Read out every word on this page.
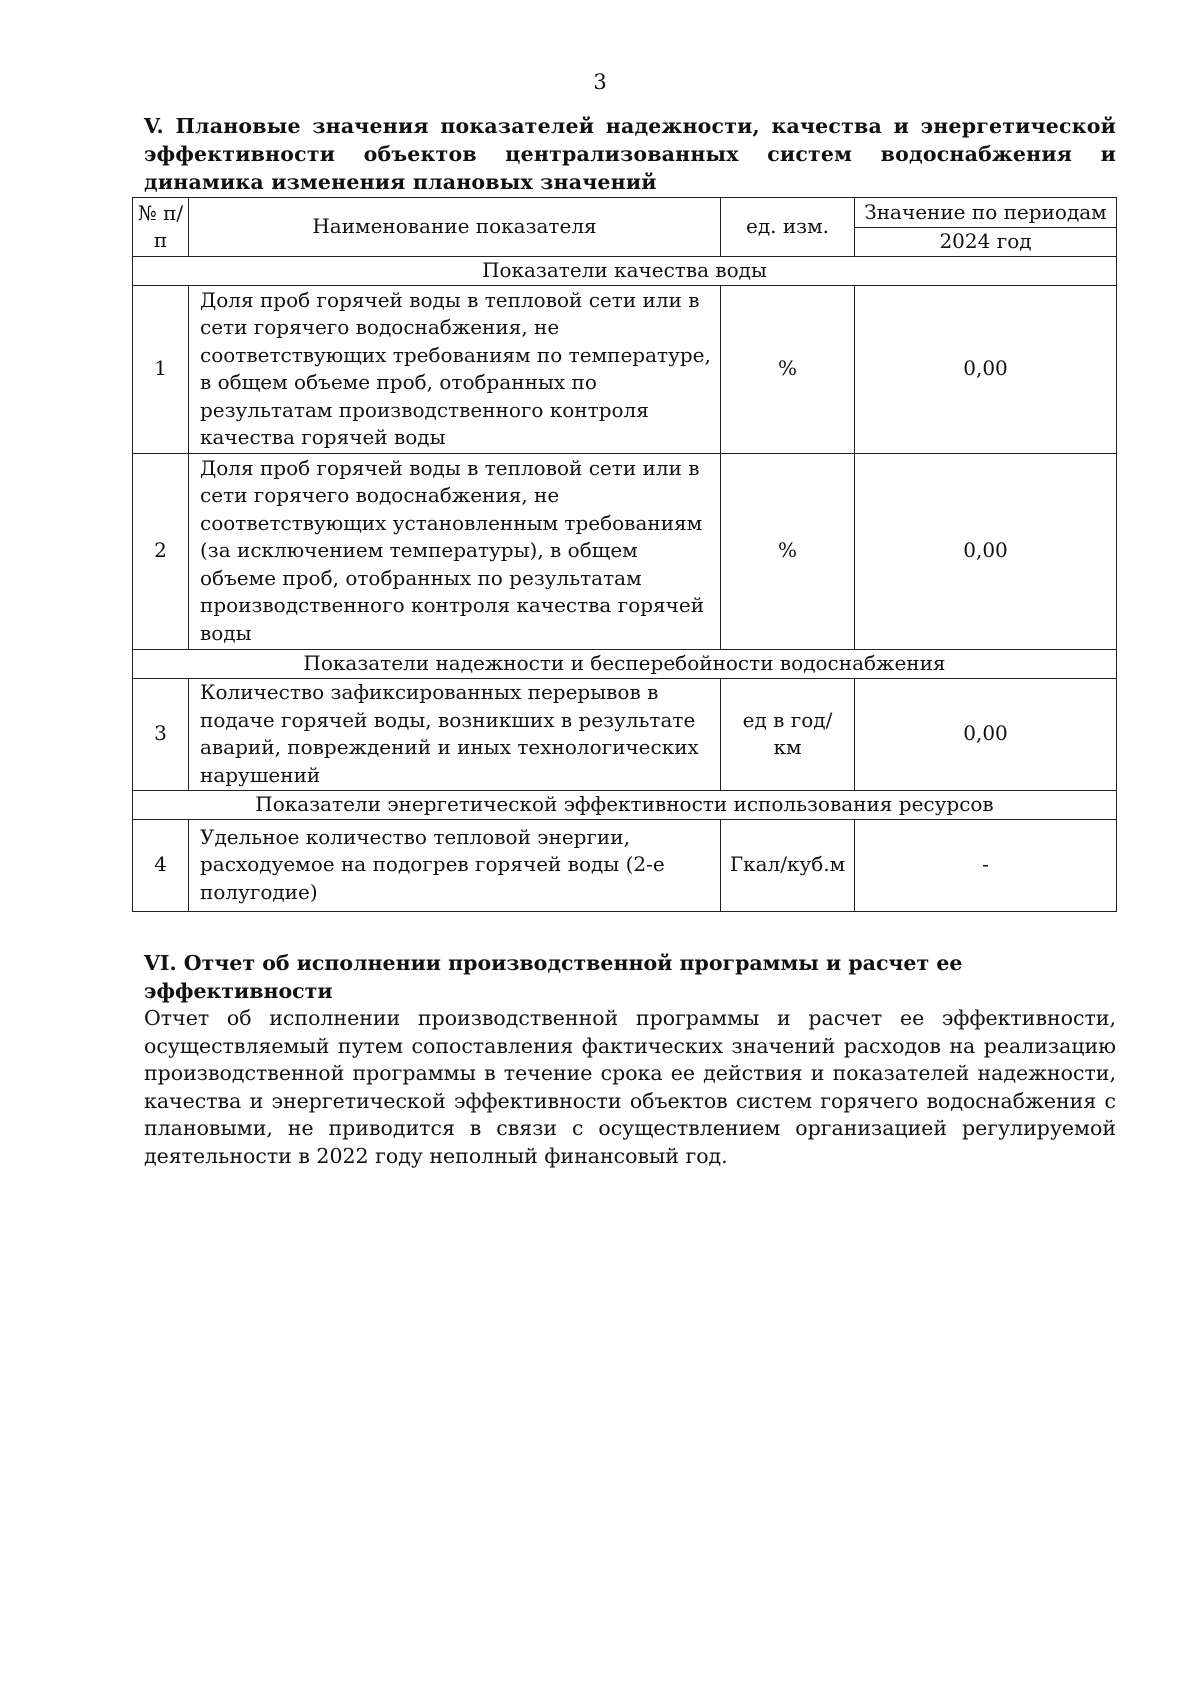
3
V. Плановые значения показателей надежности, качества и энергетической эффективности объектов централизованных систем водоснабжения и динамика изменения плановых значений
№ п/п	Наименование показателя	ед. изм.	Значение по периодам
			2024 год
Показатели качества воды			
1	Доля проб горячей воды в тепловой сети или в сети горячего водоснабжения, не соответствующих требованиям по температуре, в общем объеме проб, отобранных по результатам производственного контроля качества горячей воды	%	0,00
2	Доля проб горячей воды в тепловой сети или в сети горячего водоснабжения, не соответствующих установленным требованиям (за исключением температуры), в общем объеме проб, отобранных по результатам производственного контроля качества горячей воды	%	0,00
Показатели надежности и бесперебойности водоснабжения			
3	Количество зафиксированных перерывов в подаче горячей воды, возникших в результате аварий, повреждений и иных технологических нарушений	ед в год/ км	0,00
Показатели энергетической эффективности использования ресурсов			
4	Удельное количество тепловой энергии, расходуемое на подогрев горячей воды (2-е полугодие)	Гкал/куб.м	-
VI. Отчет об исполнении производственной программы и расчет ее эффективности
Отчет об исполнении производственной программы и расчет ее эффективности, осуществляемый путем сопоставления фактических значений расходов на реализацию производственной программы в течение срока ее действия и показателей надежности, качества и энергетической эффективности объектов систем горячего водоснабжения с плановыми, не приводится в связи с осуществлением организацией регулируемой деятельности в 2022 году неполный финансовый год.
